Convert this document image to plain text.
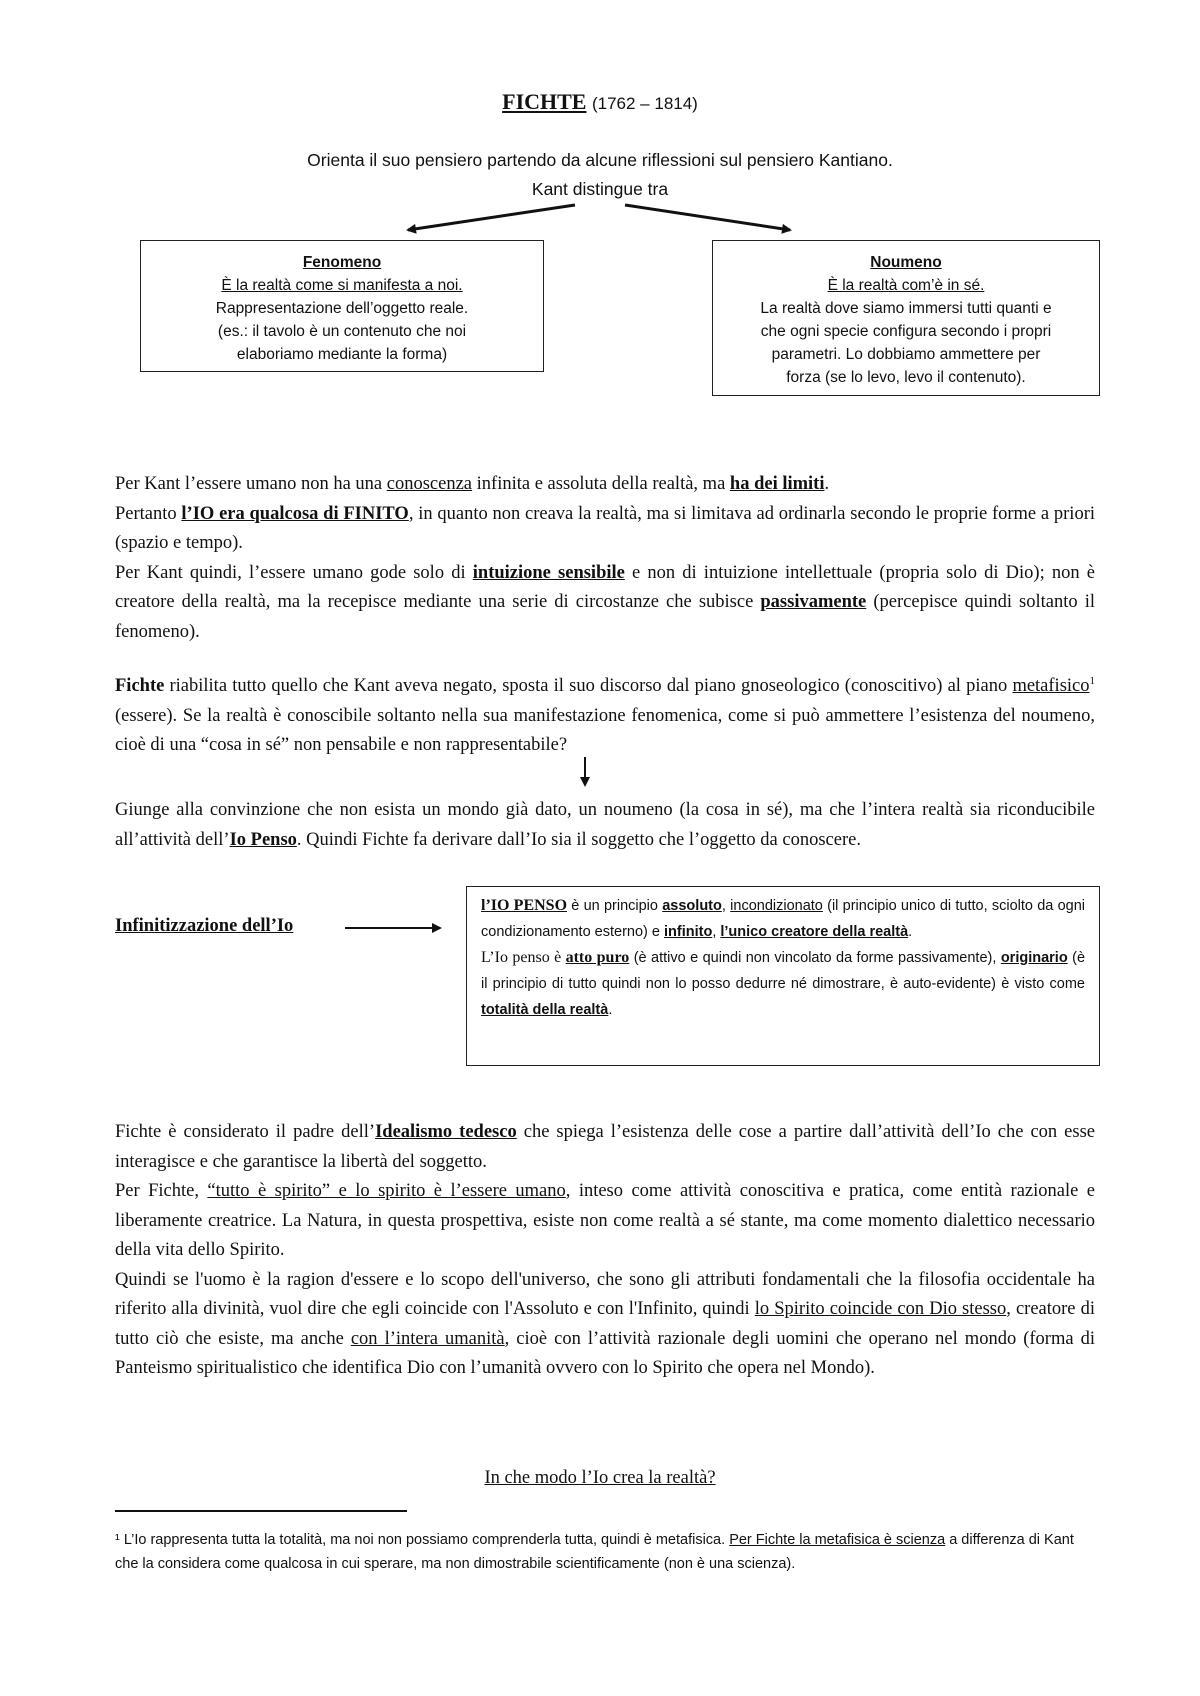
FICHTE (1762 – 1814)
Orienta il suo pensiero partendo da alcune riflessioni sul pensiero Kantiano.
Kant distingue tra
Fenomeno
È la realtà come si manifesta a noi.
Rappresentazione dell’oggetto reale.
(es.: il tavolo è un contenuto che noi
elaboriamo mediante la forma)
Noumeno
È la realtà com’è in sé.
La realtà dove siamo immersi tutti quanti e
che ogni specie configura secondo i propri
parametri. Lo dobbiamo ammettere per
forza (se lo levo, levo il contenuto).
Per Kant l’essere umano non ha una conoscenza infinita e assoluta della realtà, ma ha dei limiti.
Pertanto l’IO era qualcosa di FINITO, in quanto non creava la realtà, ma si limitava ad ordinarla secondo le proprie forme a priori (spazio e tempo).
Per Kant quindi, l’essere umano gode solo di intuizione sensibile e non di intuizione intellettuale (propria solo di Dio); non è creatore della realtà, ma la recepisce mediante una serie di circostanze che subisce passivamente (percepisce quindi soltanto il fenomeno).
Fichte riabilita tutto quello che Kant aveva negato, sposta il suo discorso dal piano gnoseologico (conoscitivo) al piano metafisico$^1$ (essere). Se la realtà è conoscibile soltanto nella sua manifestazione fenomenica, come si può ammettere l’esistenza del noumeno, cioè di una “cosa in sé” non pensabile e non rappresentabile?
Giunge alla convinzione che non esista un mondo già dato, un noumeno (la cosa in sé), ma che l’intera realtà sia riconducibile all’attività dell’Io Penso. Quindi Fichte fa derivare dall’Io sia il soggetto che l’oggetto da conoscere.
Infinitizzazione dell’Io
l’IO PENSO è un principio assoluto, incondizionato (il principio unico di tutto, sciolto da ogni condizionamento esterno) e infinito, l’unico creatore della realtà.
L’Io penso è atto puro (è attivo e quindi non vincolato da forme passivamente), originario (è il principio di tutto quindi non lo posso dedurre né dimostrare, è auto-evidente) è visto come totalità della realtà.
Fichte è considerato il padre dell’Idealismo tedesco che spiega l’esistenza delle cose a partire dall’attività dell’Io che con esse interagisce e che garantisce la libertà del soggetto.
Per Fichte, “tutto è spirito” e lo spirito è l’essere umano, inteso come attività conoscitiva e pratica, come entità razionale e liberamente creatrice. La Natura, in questa prospettiva, esiste non come realtà a sé stante, ma come momento dialettico necessario della vita dello Spirito.
Quindi se l'uomo è la ragion d'essere e lo scopo dell'universo, che sono gli attributi fondamentali che la filosofia occidentale ha riferito alla divinità, vuol dire che egli coincide con l'Assoluto e con l'Infinito, quindi lo Spirito coincide con Dio stesso, creatore di tutto ciò che esiste, ma anche con l’intera umanità, cioè con l’attività razionale degli uomini che operano nel mondo (forma di Panteismo spiritualistico che identifica Dio con l’umanità ovvero con lo Spirito che opera nel Mondo).
In che modo l’Io crea la realtà?
¹ L’Io rappresenta tutta la totalità, ma noi non possiamo comprenderla tutta, quindi è metafisica. Per Fichte la metafisica è scienza a differenza di Kant che la considera come qualcosa in cui sperare, ma non dimostrabile scientificamente (non è una scienza).
